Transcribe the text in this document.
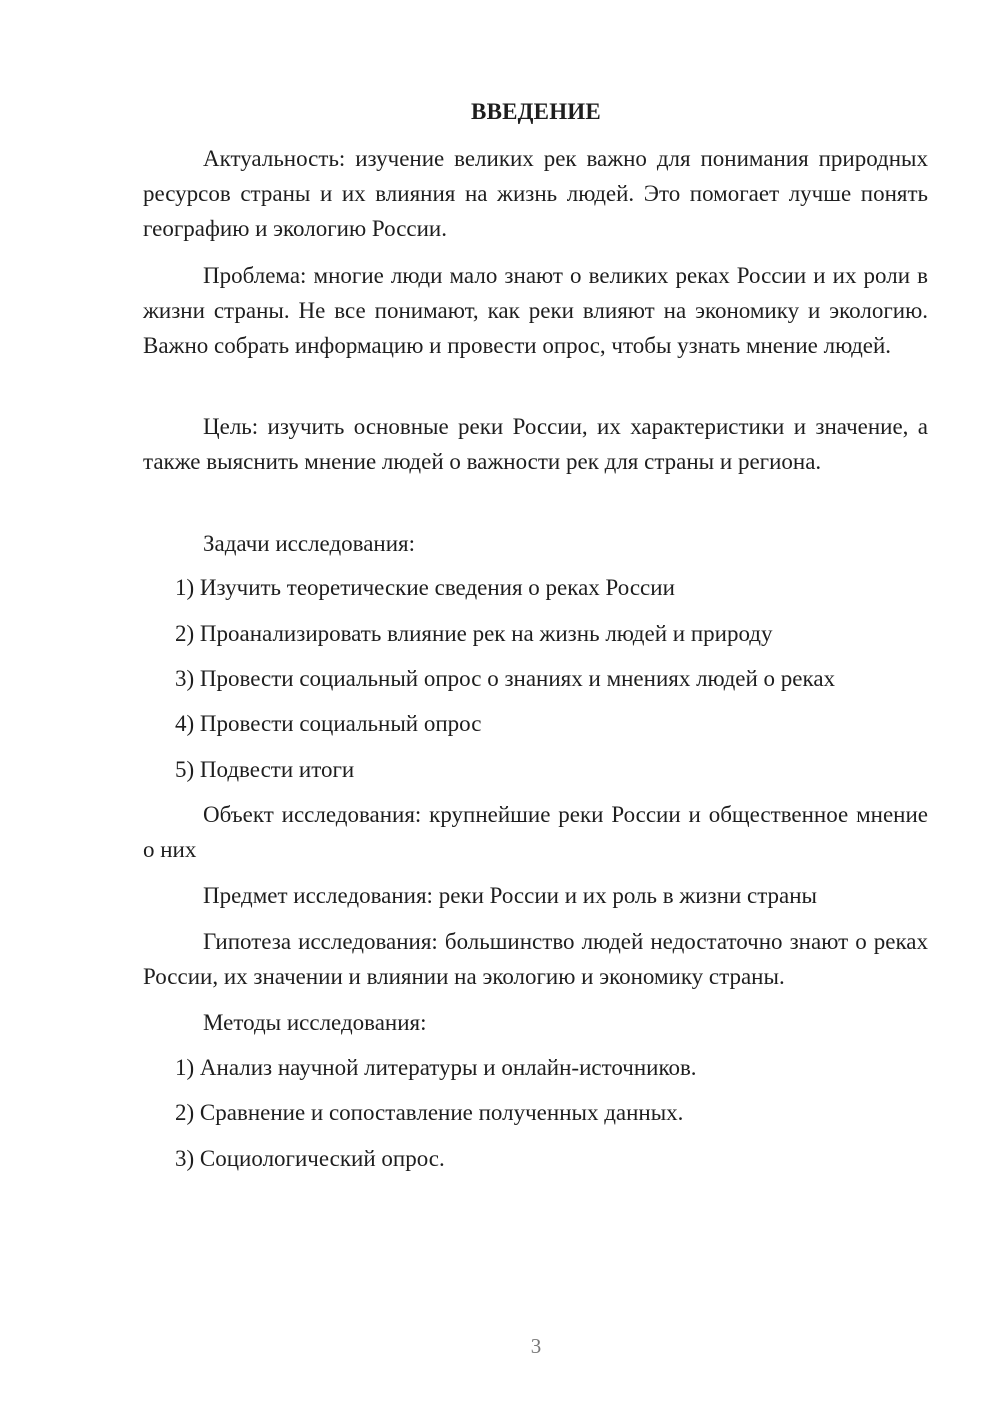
ВВЕДЕНИЕ
Актуальность: изучение великих рек важно для понимания природных ресурсов страны и их влияния на жизнь людей. Это помогает лучше понять географию и экологию России.
Проблема: многие люди мало знают о великих реках России и их роли в жизни страны. Не все понимают, как реки влияют на экономику и экологию. Важно собрать информацию и провести опрос, чтобы узнать мнение людей.
Цель: изучить основные реки России, их характеристики и значение, а также выяснить мнение людей о важности рек для страны и региона.
Задачи исследования:
1) Изучить теоретические сведения о реках России
2) Проанализировать влияние рек на жизнь людей и природу
3) Провести социальный опрос о знаниях и мнениях людей о реках
4) Провести социальный опрос
5) Подвести итоги
Объект исследования: крупнейшие реки России и общественное мнение о них
Предмет исследования: реки России и их роль в жизни страны
Гипотеза исследования: большинство людей недостаточно знают о реках России, их значении и влиянии на экологию и экономику страны.
Методы исследования:
1) Анализ научной литературы и онлайн-источников.
2) Сравнение и сопоставление полученных данных.
3) Социологический опрос.
3
